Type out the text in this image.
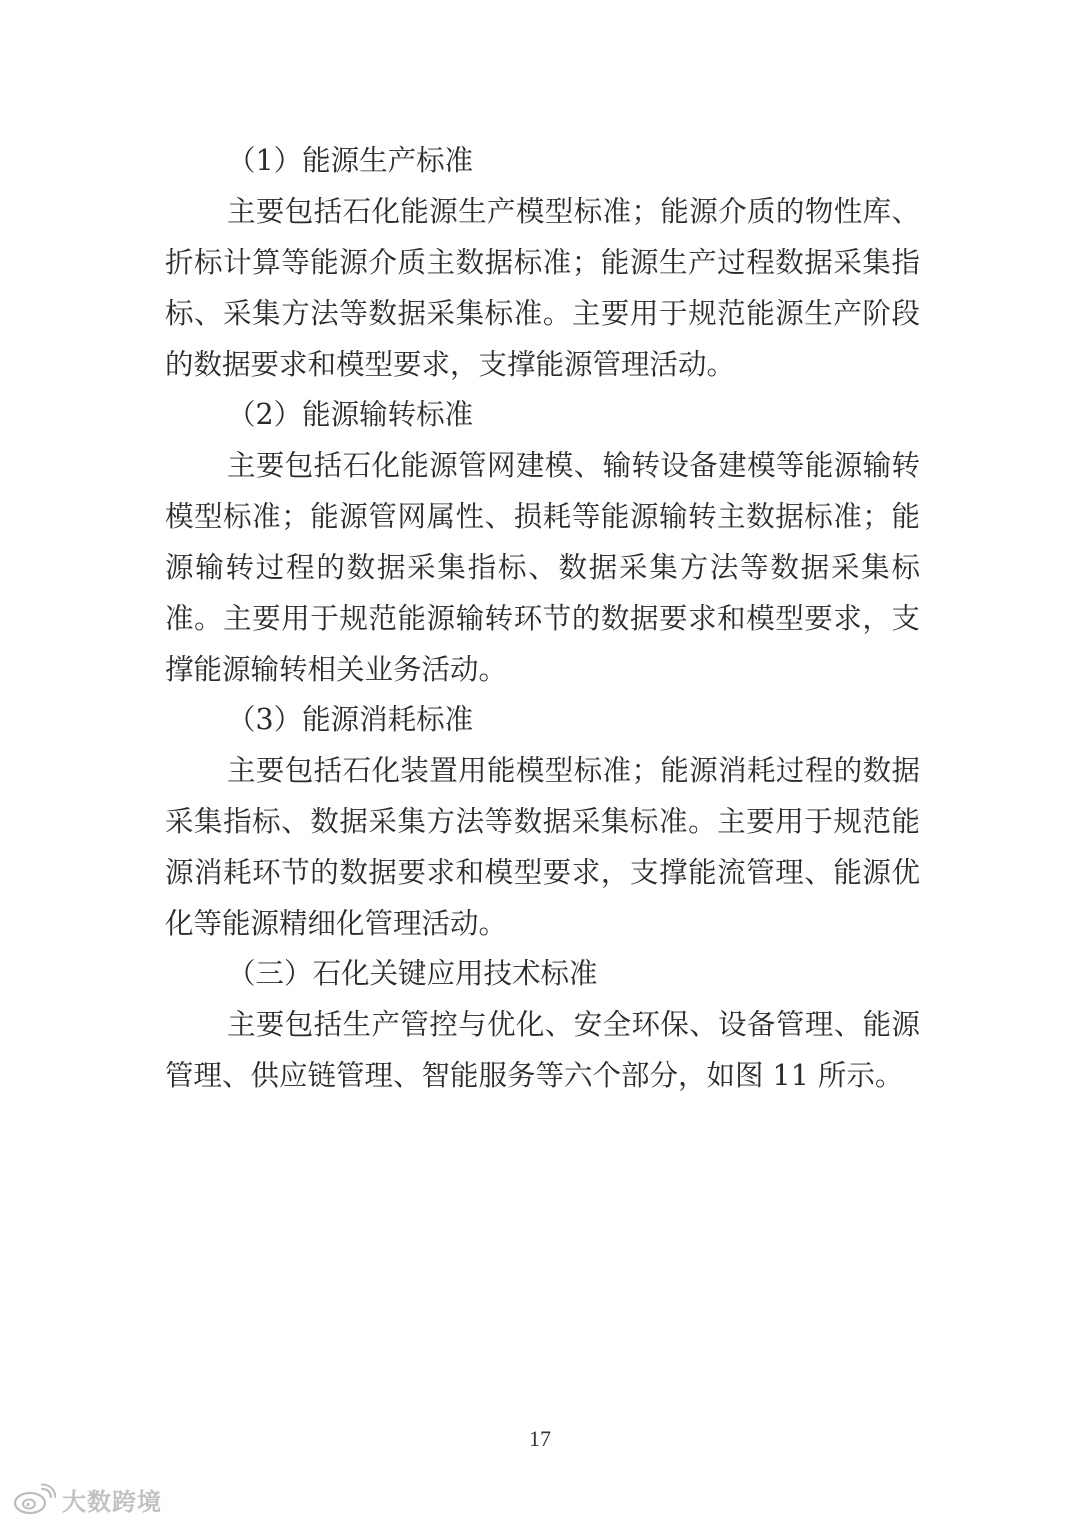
（1）能源生产标准
主要包括石化能源生产模型标准；能源介质的物性库、
折标计算等能源介质主数据标准；能源生产过程数据采集指
标、采集方法等数据采集标准。主要用于规范能源生产阶段
的数据要求和模型要求，支撑能源管理活动。
（2）能源输转标准
主要包括石化能源管网建模、输转设备建模等能源输转
模型标准；能源管网属性、损耗等能源输转主数据标准；能
源输转过程的数据采集指标、数据采集方法等数据采集标
准。主要用于规范能源输转环节的数据要求和模型要求，支
撑能源输转相关业务活动。
（3）能源消耗标准
主要包括石化装置用能模型标准；能源消耗过程的数据
采集指标、数据采集方法等数据采集标准。主要用于规范能
源消耗环节的数据要求和模型要求，支撑能流管理、能源优
化等能源精细化管理活动。
（三）石化关键应用技术标准
主要包括生产管控与优化、安全环保、设备管理、能源
管理、供应链管理、智能服务等六个部分，如图 11 所示。
17
大数跨境
